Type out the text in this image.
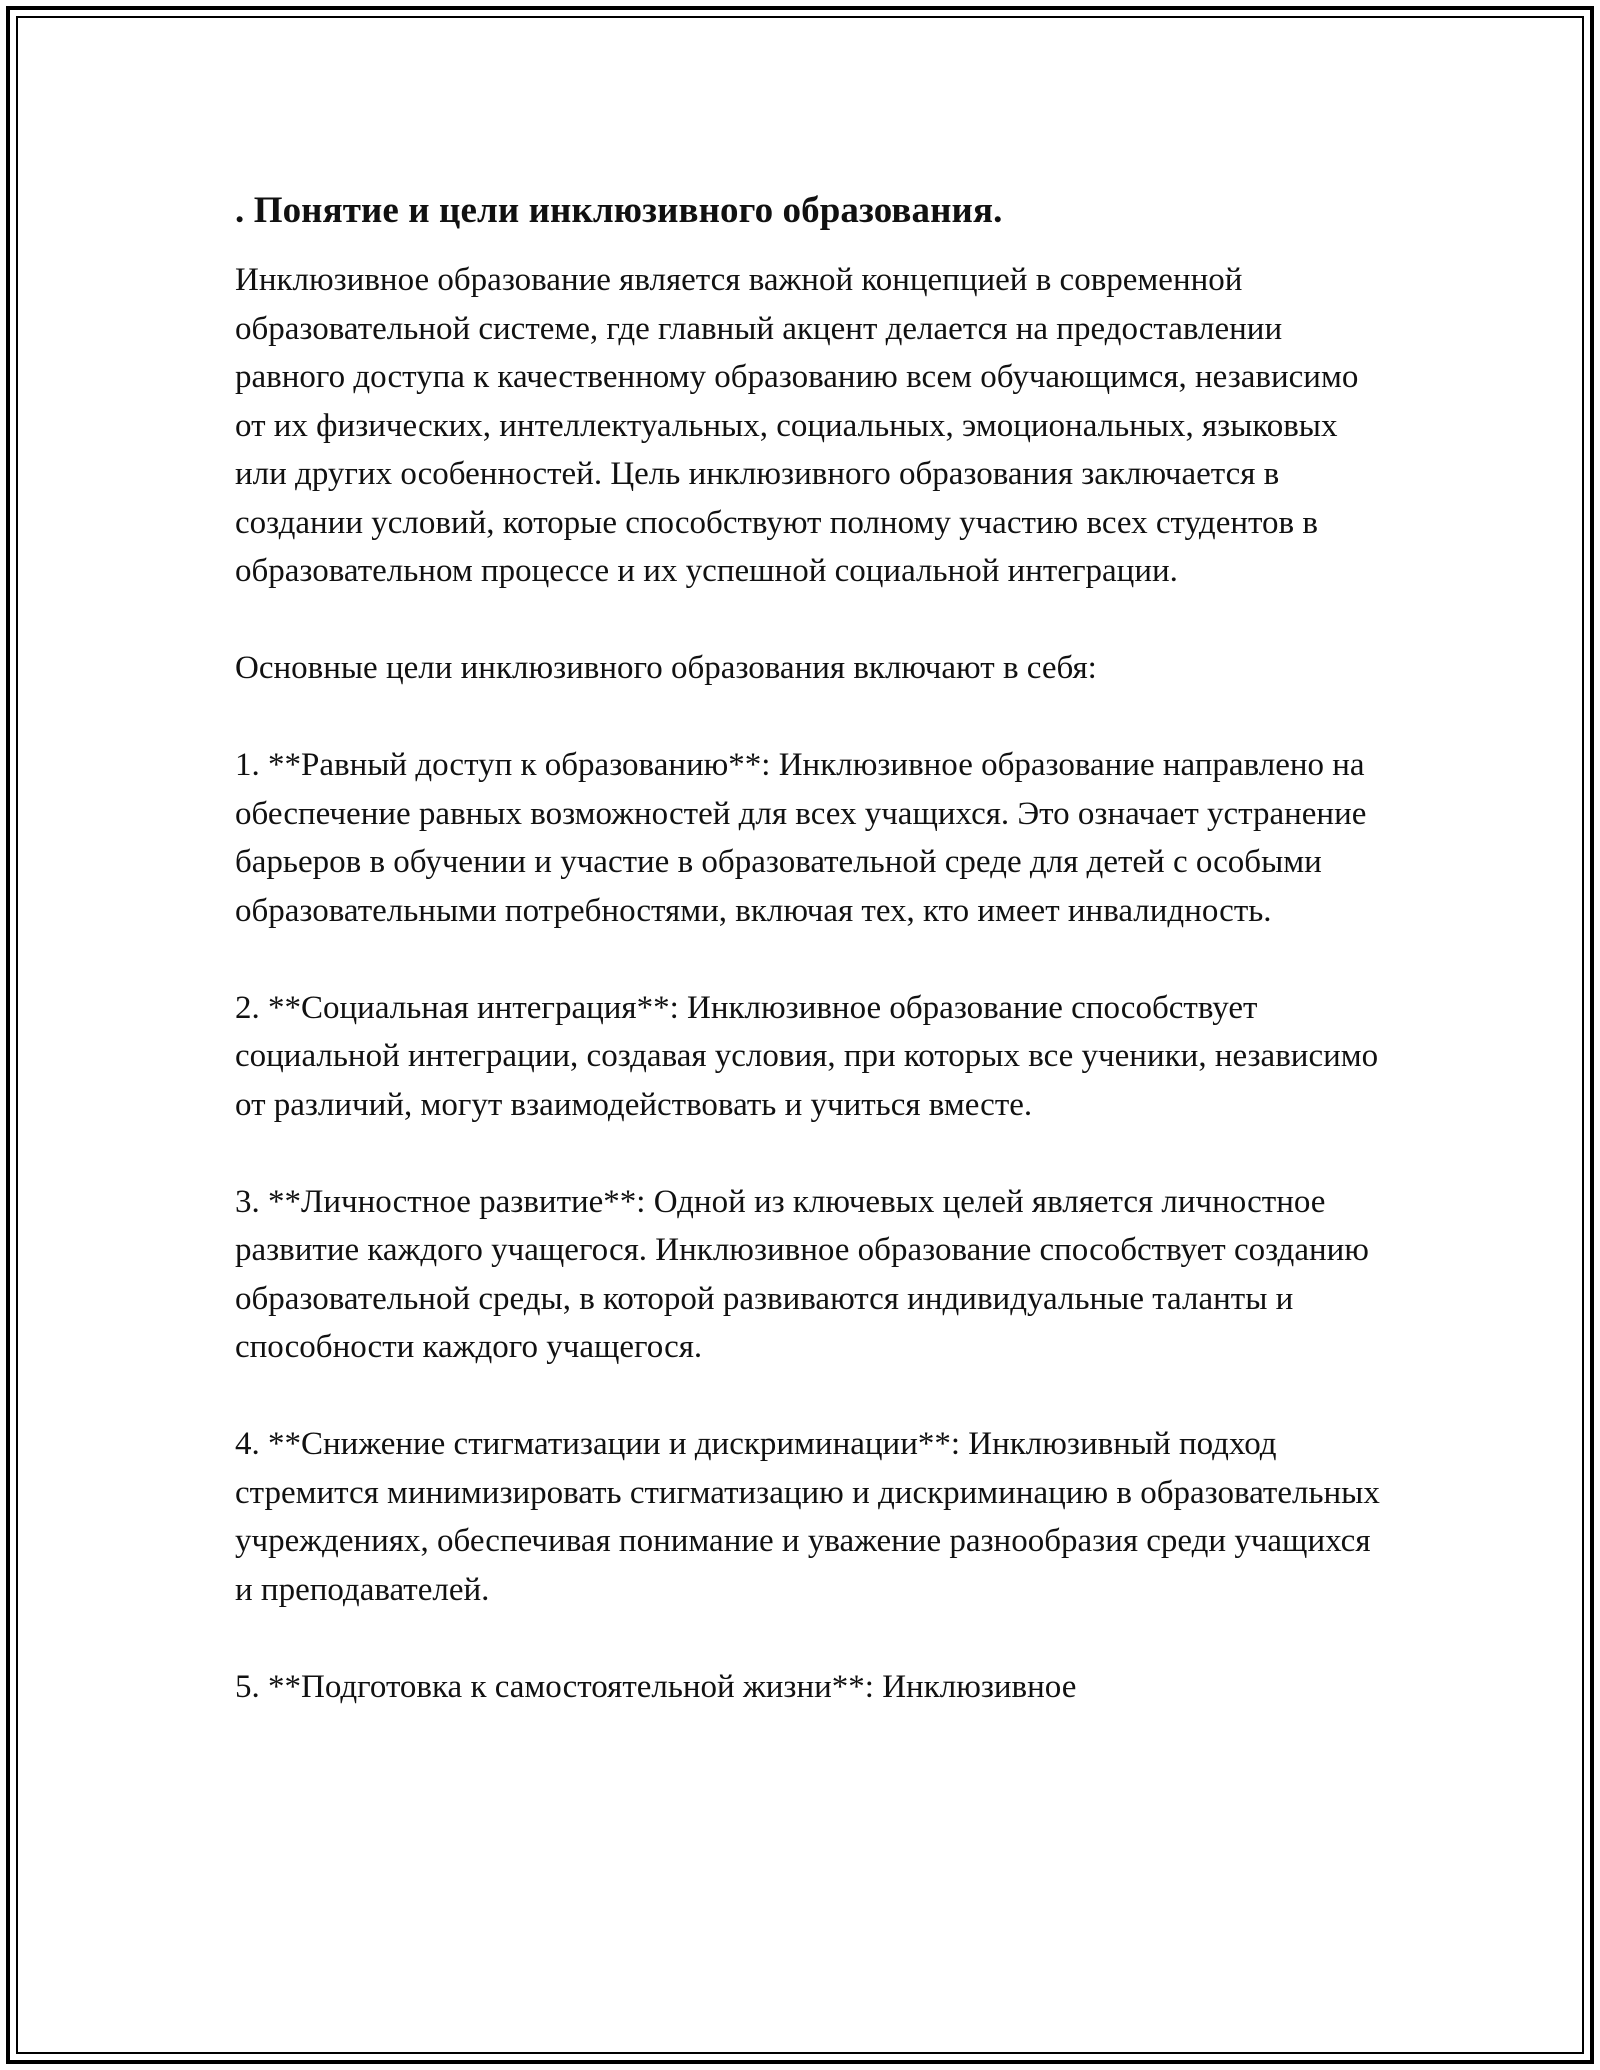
. Понятие и цели инклюзивного образования.

Инклюзивное образование является важной концепцией в современной образовательной системе, где главный акцент делается на предоставлении равного доступа к качественному образованию всем обучающимся, независимо от их физических, интеллектуальных, социальных, эмоциональных, языковых или других особенностей. Цель инклюзивного образования заключается в создании условий, которые способствуют полному участию всех студентов в образовательном процессе и их успешной социальной интеграции.

Основные цели инклюзивного образования включают в себя:

1. **Равный доступ к образованию**: Инклюзивное образование направлено на обеспечение равных возможностей для всех учащихся. Это означает устранение барьеров в обучении и участие в образовательной среде для детей с особыми образовательными потребностями, включая тех, кто имеет инвалидность.

2. **Социальная интеграция**: Инклюзивное образование способствует социальной интеграции, создавая условия, при которых все ученики, независимо от различий, могут взаимодействовать и учиться вместе.

3. **Личностное развитие**: Одной из ключевых целей является личностное развитие каждого учащегося. Инклюзивное образование способствует созданию образовательной среды, в которой развиваются индивидуальные таланты и способности каждого учащегося.

4. **Снижение стигматизации и дискриминации**: Инклюзивный подход стремится минимизировать стигматизацию и дискриминацию в образовательных учреждениях, обеспечивая понимание и уважение разнообразия среди учащихся и преподавателей.

5. **Подготовка к самостоятельной жизни**: Инклюзивное
